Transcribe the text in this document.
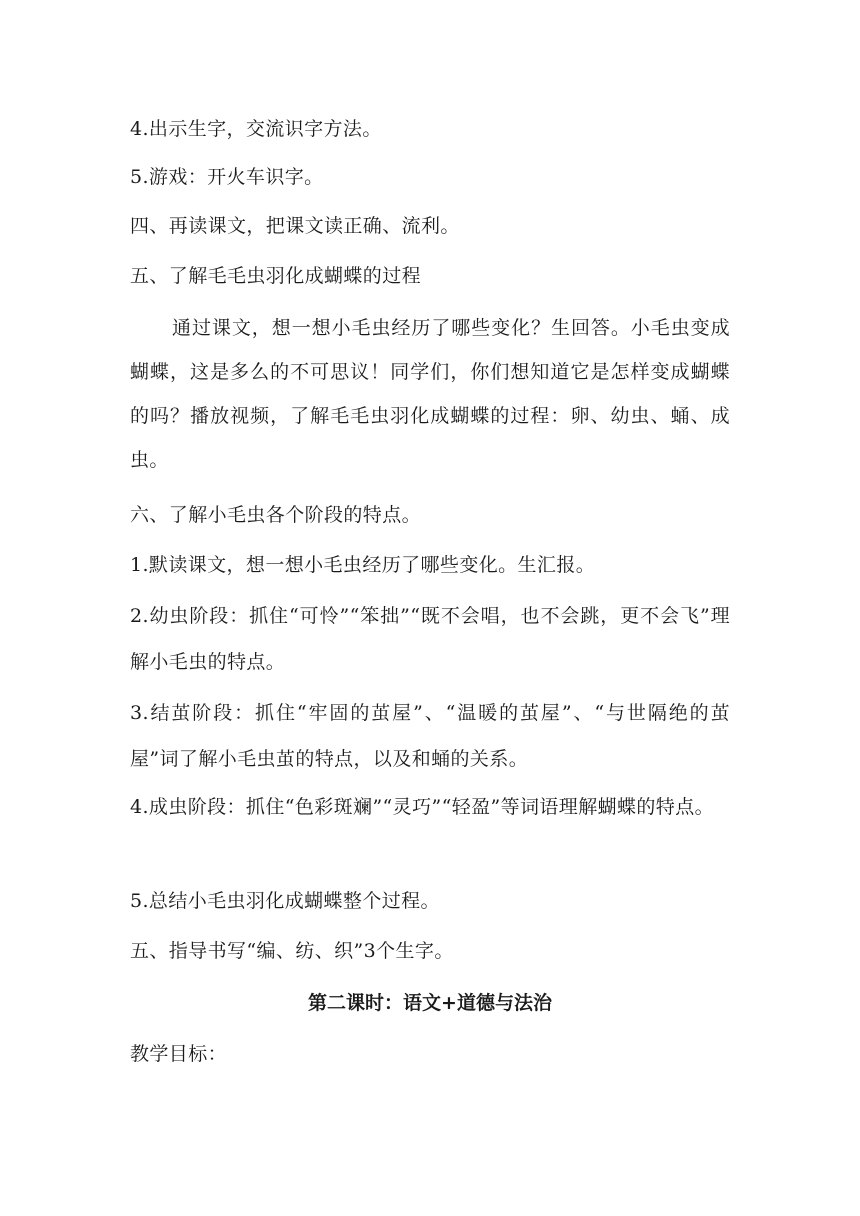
4.出示生字，交流识字方法。

5.游戏：开火车识字。

四、再读课文，把课文读正确、流利。

五、了解毛毛虫羽化成蝴蝶的过程

通过课文，想一想小毛虫经历了哪些变化？生回答。小毛虫变成蝴蝶，这是多么的不可思议！同学们，你们想知道它是怎样变成蝴蝶的吗？播放视频，了解毛毛虫羽化成蝴蝶的过程：卵、幼虫、蛹、成虫。

六、了解小毛虫各个阶段的特点。

1.默读课文，想一想小毛虫经历了哪些变化。生汇报。

2.幼虫阶段：抓住“可怜”“笨拙”“既不会唱，也不会跳，更不会飞”理解小毛虫的特点。

3.结茧阶段：抓住“牢固的茧屋”、“温暖的茧屋”、“与世隔绝的茧屋”词了解小毛虫茧的特点，以及和蛹的关系。

4.成虫阶段：抓住“色彩斑斓”“灵巧”“轻盈”等词语理解蝴蝶的特点。

5.总结小毛虫羽化成蝴蝶整个过程。

五、指导书写“编、纺、织”3个生字。

第二课时：语文+道德与法治

教学目标：
